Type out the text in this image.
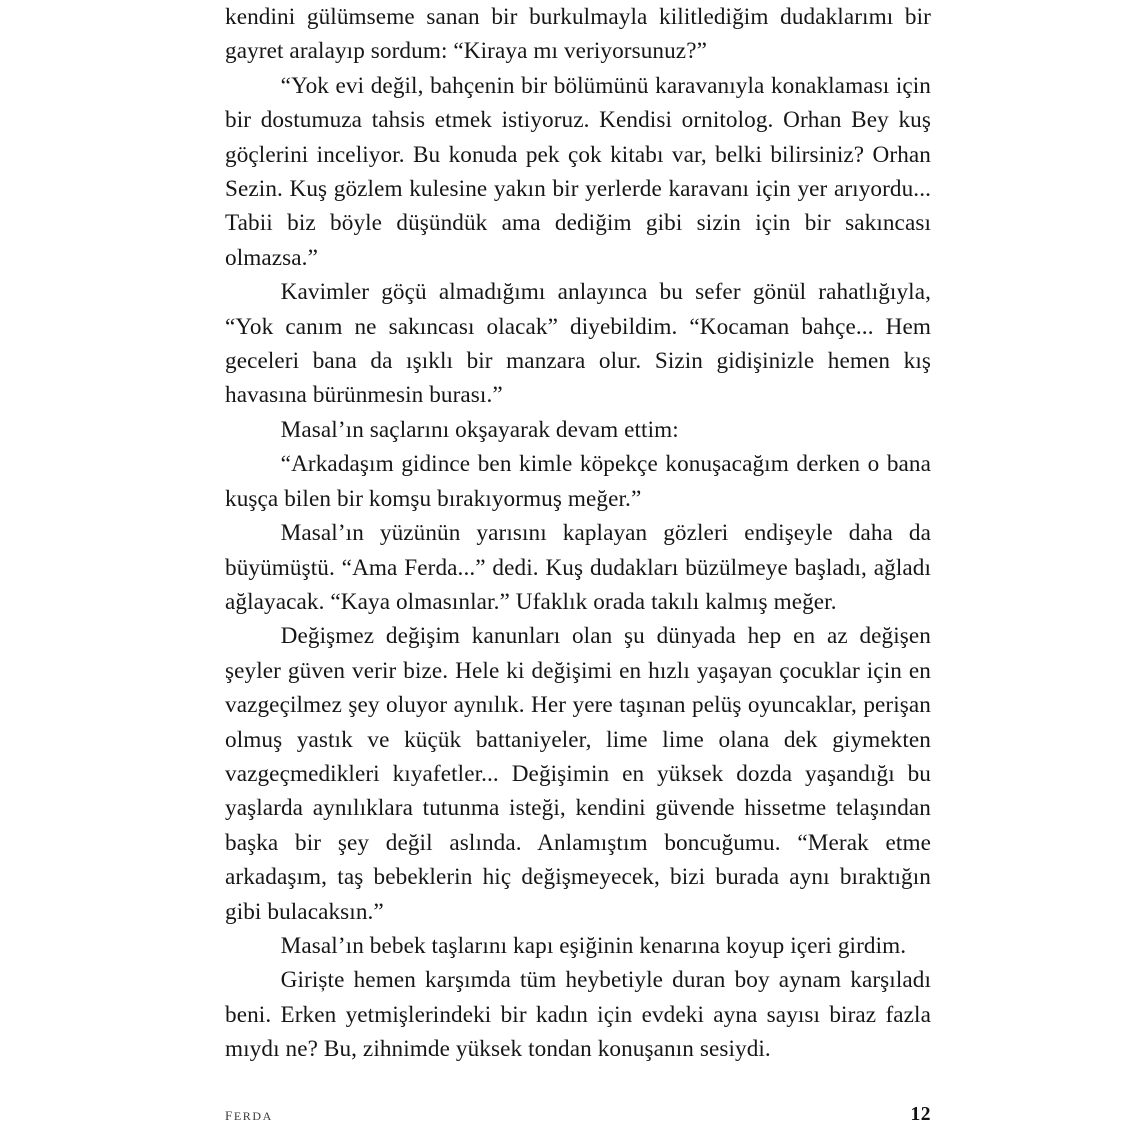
kendini gülümseme sanan bir burkulmayla kilitlediğim dudaklarımı bir gayret aralayıp sordum: “Kiraya mı veriyorsunuz?”

“Yok evi değil, bahçenin bir bölümünü karavanıyla konaklaması için bir dostumuza tahsis etmek istiyoruz. Kendisi ornitolog. Orhan Bey kuş göçlerini inceliyor. Bu konuda pek çok kitabı var, belki bilirsiniz? Orhan Sezin. Kuş gözlem kulesine yakın bir yerlerde karavanı için yer arıyordu... Tabii biz böyle düşündük ama dediğim gibi sizin için bir sakıncası olmazsa.”

Kavimler göçü almadığımı anlayınca bu sefer gönül rahatlığıyla, “Yok canım ne sakıncası olacak” diyebildim. “Kocaman bahçe... Hem geceleri bana da ışıklı bir manzara olur. Sizin gidişinizle hemen kış havasına bürünmesin burası.”

Masal’ın saçlarını okşayarak devam ettim:

“Arkadaşım gidince ben kimle köpekçe konuşacağım derken o bana kuşça bilen bir komşu bırakıyormuş meğer.”

Masal’ın yüzünün yarısını kaplayan gözleri endişeyle daha da büyümüştü. “Ama Ferda...” dedi. Kuş dudakları büzülmeye başladı, ağladı ağlayacak. “Kaya olmasınlar.” Ufaklık orada takılı kalmış meğer.

Değişmez değişim kanunları olan şu dünyada hep en az değişen şeyler güven verir bize. Hele ki değişimi en hızlı yaşayan çocuklar için en vazgeçilmez şey oluyor aynılık. Her yere taşınan pelüş oyuncaklar, perişan olmuş yastık ve küçük battaniyeler, lime lime olana dek giymekten vazgeçmedikleri kıyafetler... Değişimin en yüksek dozda yaşandığı bu yaşlarda aynılıklara tutunma isteği, kendini güvende hissetme telaşından başka bir şey değil aslında. Anlamıştım boncuğumu. “Merak etme arkadaşım, taş bebeklerin hiç değişmeyecek, bizi burada aynı bıraktığın gibi bulacaksın.”

Masal’ın bebek taşlarını kapı eşiğinin kenarına koyup içeri girdim.

Giriște hemen karşımda tüm heybetiyle duran boy aynam karşıladı beni. Erken yetmişlerindeki bir kadın için evdeki ayna sayısı biraz fazla mıydı ne? Bu, zihnimde yüksek tondan konuşanın sesiydi.

ferda	12
